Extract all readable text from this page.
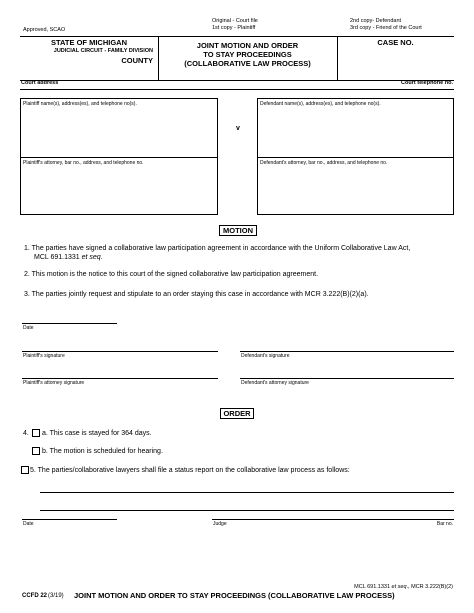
Approved, SCAO
Original - Court file
1st copy - Plaintiff
2nd copy- Defendant
3rd copy - Friend of the Court
STATE OF MICHIGAN
JUDICIAL CIRCUIT - FAMILY DIVISION
COUNTY
JOINT MOTION AND ORDER
TO STAY PROCEEDINGS
(COLLABORATIVE LAW PROCESS)
CASE NO.
Court address	Court telephone no.
Plaintiff name(s), address(es), and telephone no(s).
Plaintiff's attorney, bar no., address, and telephone no.
v
Defendant name(s), address(es), and telephone no(s).
Defendant's attorney, bar no., address, and telephone no.
MOTION
1. The parties have signed a collaborative law participation agreement in accordance with the Uniform Collaborative Law Act,
MCL 691.1331 et seq.
2. This motion is the notice to this court of the signed collaborative law participation agreement.
3. The parties jointly request and stipulate to an order staying this case in accordance with MCR 3.222(B)(2)(a).
Date
Plaintiff's signature	Defendant's signature
Plaintiff's attorney signature	Defendant's attorney signature
ORDER
4. a. This case is stayed for 364 days.
b. The motion is scheduled for hearing.
5. The parties/collaborative lawyers shall file a status report on the collaborative law process as follows:
Date	Judge	Bar no.
MCL 691.1331 et seq., MCR 3.222(B)(2)
CCFD 22 (3/19) JOINT MOTION AND ORDER TO STAY PROCEEDINGS (COLLABORATIVE LAW PROCESS)
